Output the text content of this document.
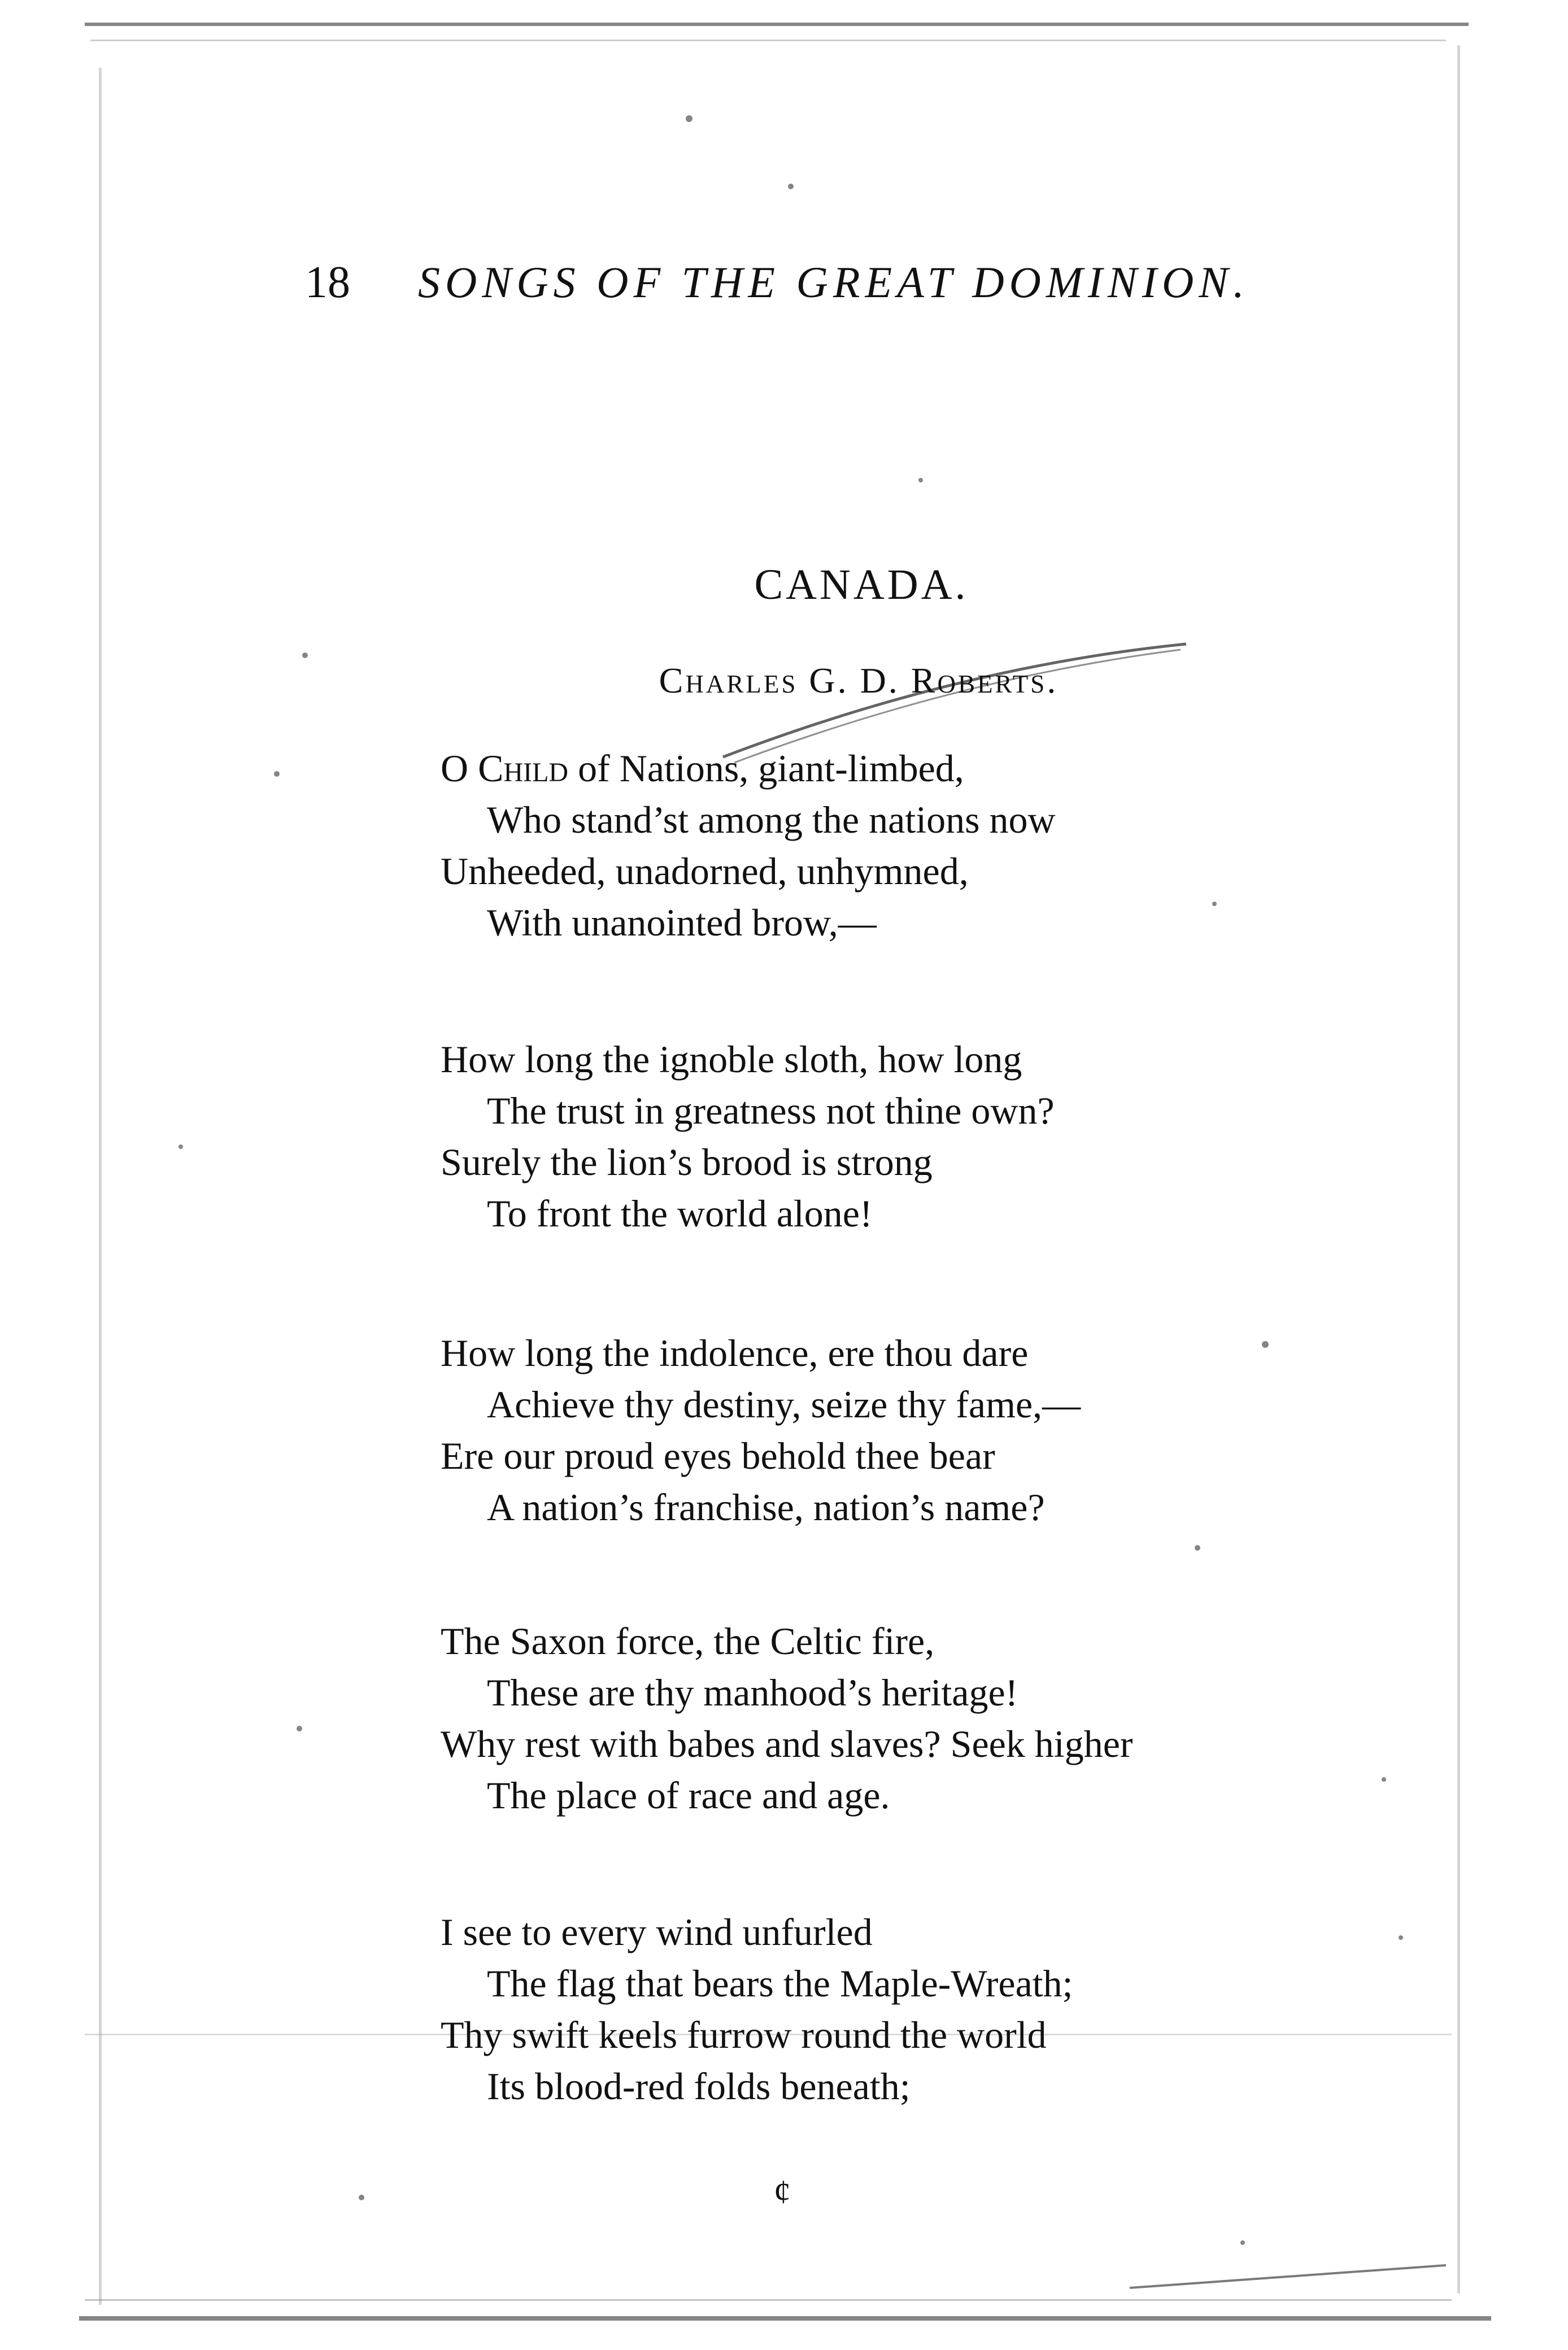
18 SONGS OF THE GREAT DOMINION.
CANADA.
Charles G. D. Roberts.
O Child of Nations, giant-limbed,
Who stand’st among the nations now
Unheeded, unadorned, unhymned,
With unanointed brow,—
How long the ignoble sloth, how long
The trust in greatness not thine own?
Surely the lion’s brood is strong
To front the world alone!
How long the indolence, ere thou dare
Achieve thy destiny, seize thy fame,—
Ere our proud eyes behold thee bear
A nation’s franchise, nation’s name?
The Saxon force, the Celtic fire,
These are thy manhood’s heritage!
Why rest with babes and slaves? Seek higher
The place of race and age.
I see to every wind unfurled
The flag that bears the Maple-Wreath;
Thy swift keels furrow round the world
Its blood-red folds beneath;
¢
